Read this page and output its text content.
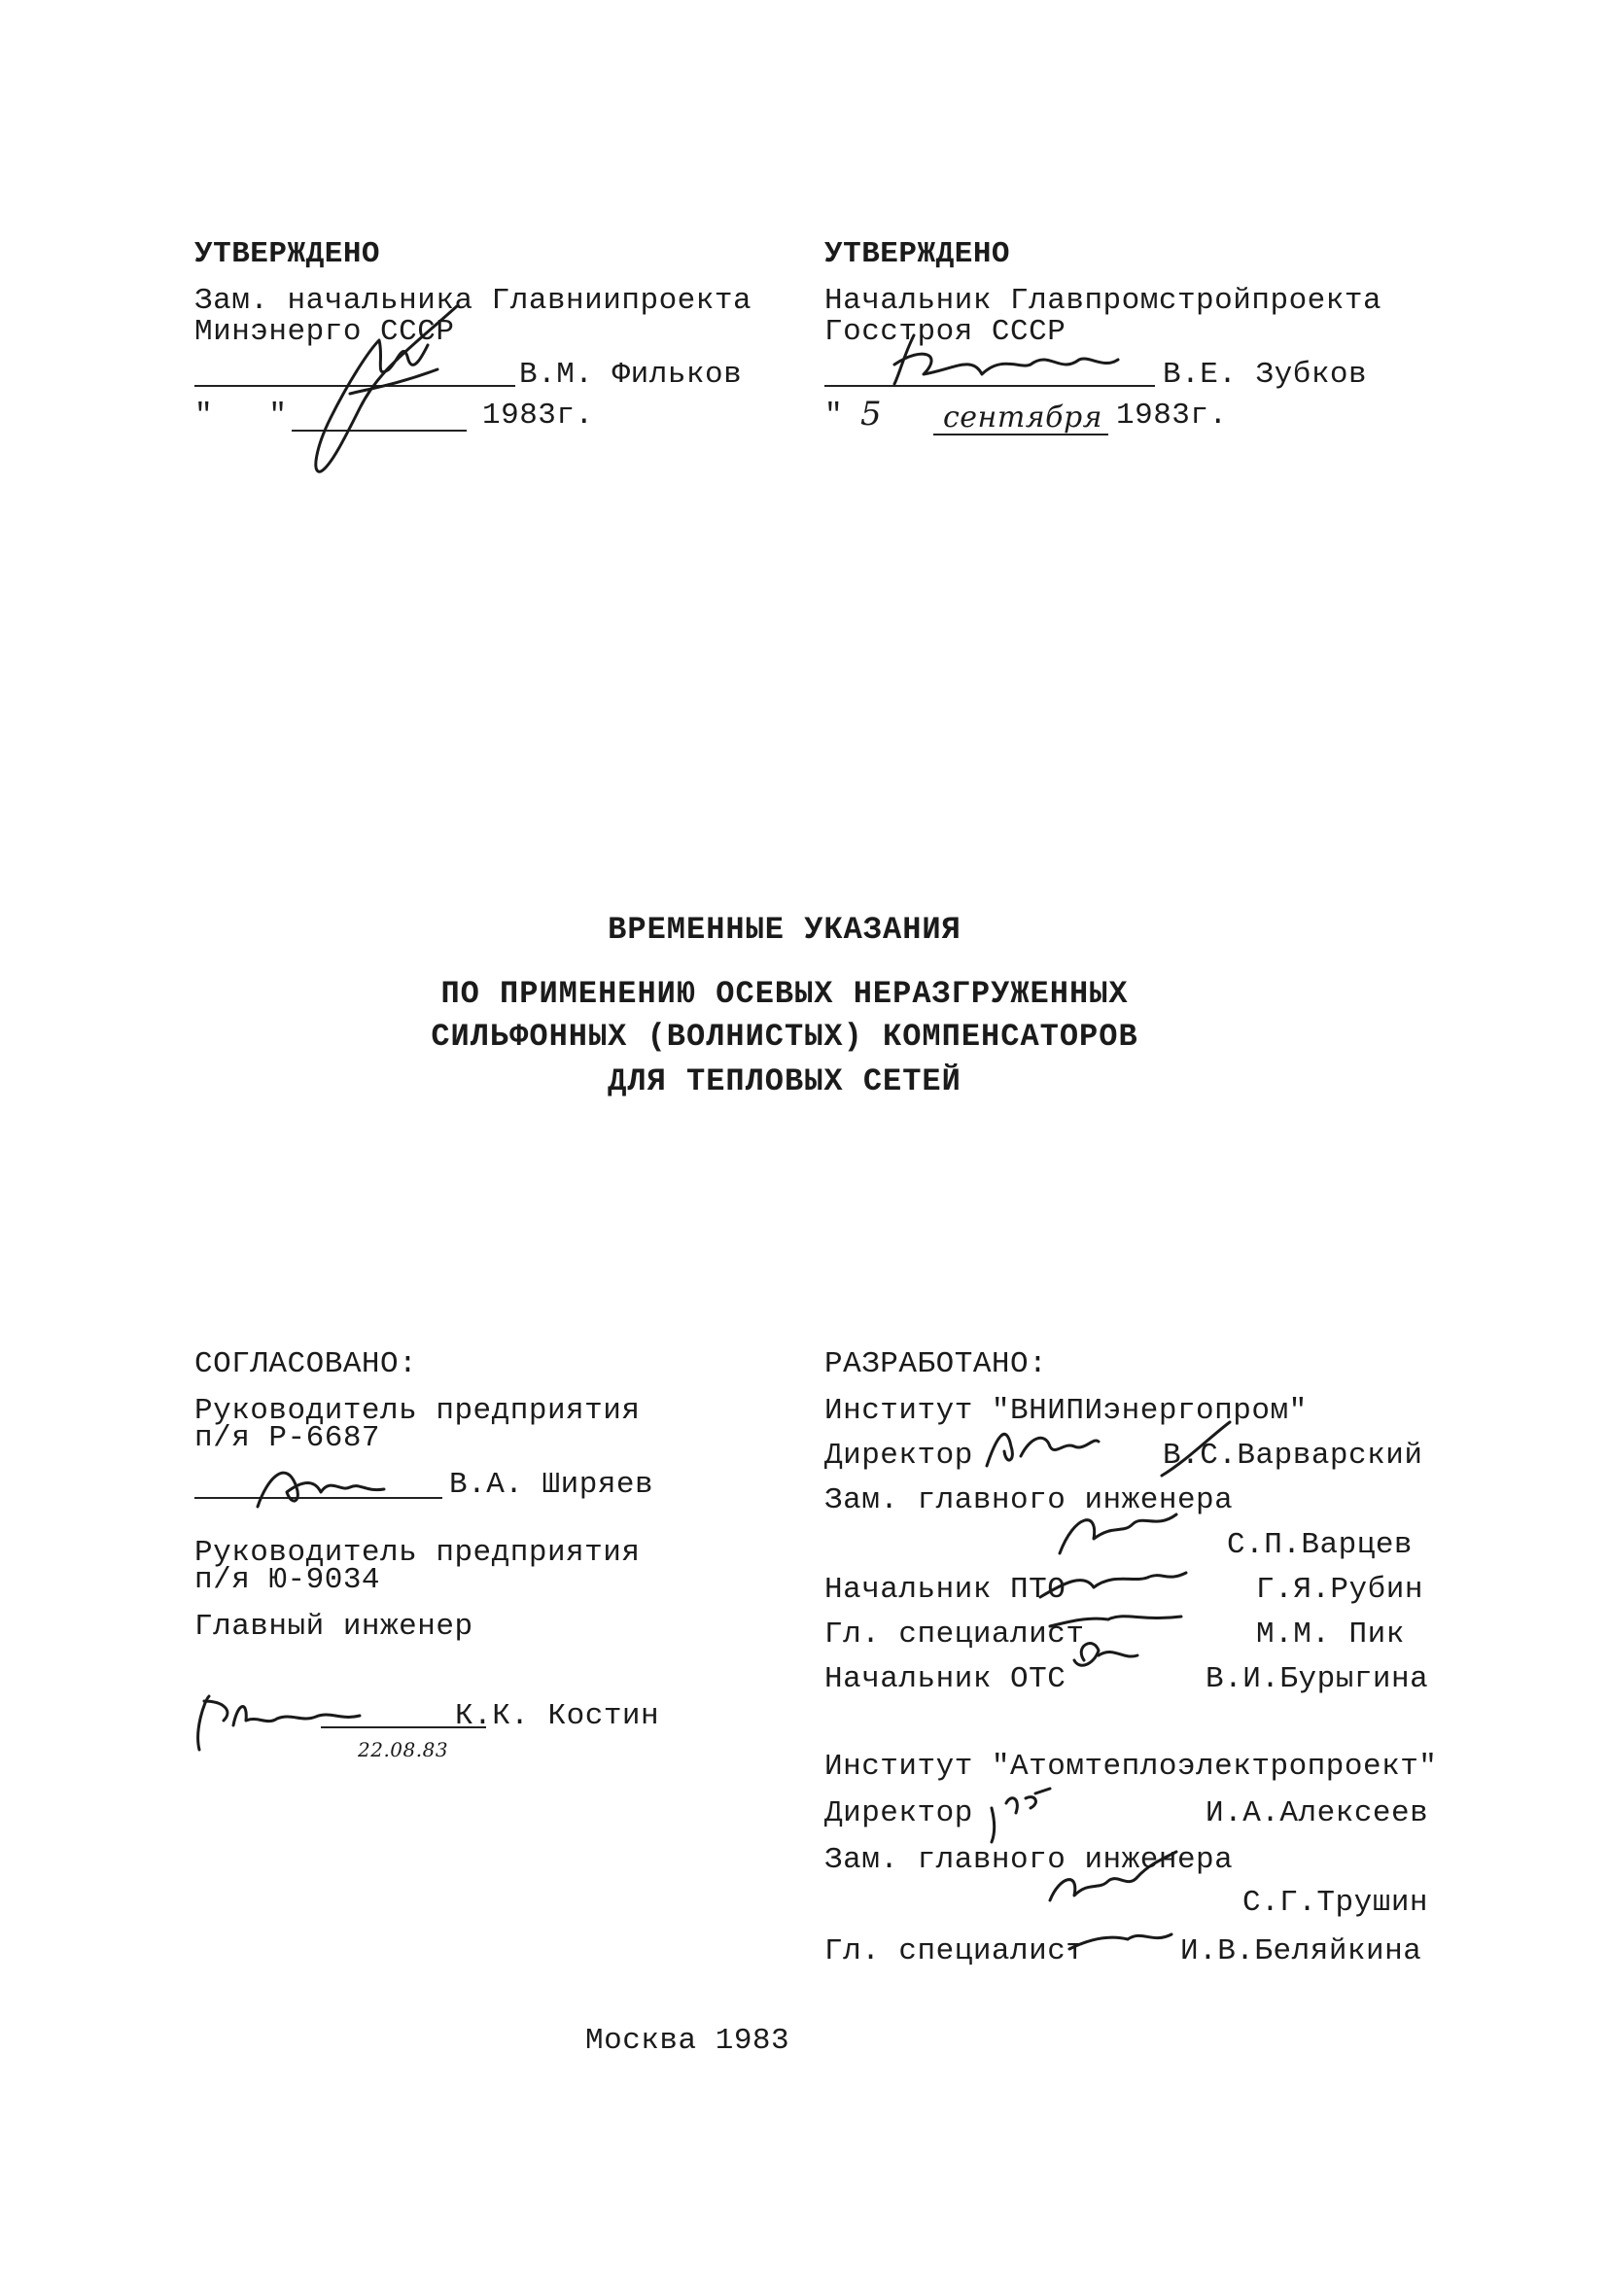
УТВЕРЖДЕНО
Зам. начальника Главниипроекта
Минэнерго СССР
В.М. Фильков
"   "	1983г.
УТВЕРЖДЕНО
Начальник Главпромстройпроекта
Госстроя СССР
В.Е. Зубков
" 5 сентября 1983г.
ВРЕМЕННЫЕ УКАЗАНИЯ
ПО ПРИМЕНЕНИЮ ОСЕВЫХ НЕРАЗГРУЖЕННЫХ
СИЛЬФОННЫХ (ВОЛНИСТЫХ) КОМПЕНСАТОРОВ
ДЛЯ ТЕПЛОВЫХ СЕТЕЙ
СОГЛАСОВАНО:
Руководитель предприятия
п/я Р-6687
В.А. Ширяев
Руководитель предприятия
п/я Ю-9034
Главный инженер
К.К. Костин
22.08.83
РАЗРАБОТАНО:
Институт "ВНИПИэнергопром"
Директор	В.С.Варварский
Зам. главного инженера
С.П.Варцев
Начальник ПТО	Г.Я.Рубин
Гл. специалист	М.М. Пик
Начальник ОТС	В.И.Бурыгина
Институт "Атомтеплоэлектропроект"
Директор	И.А.Алексеев
Зам. главного инженера
С.Г.Трушин
Гл. специалист	И.В.Беляйкина
Москва 1983
